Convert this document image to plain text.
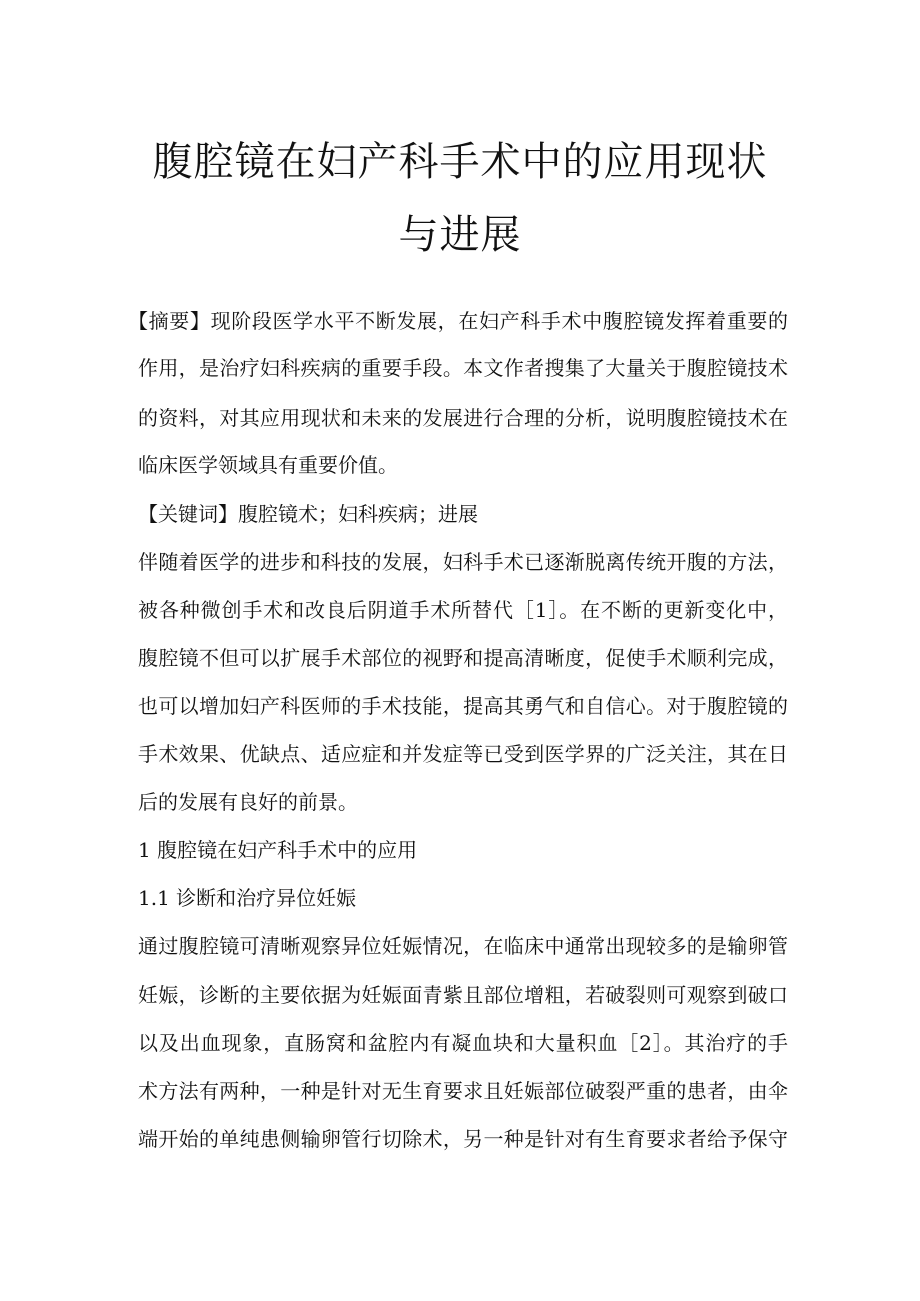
腹腔镜在妇产科手术中的应用现状
与进展
【摘要】现阶段医学水平不断发展，在妇产科手术中腹腔镜发挥着重要的
作用，是治疗妇科疾病的重要手段。本文作者搜集了大量关于腹腔镜技术
的资料，对其应用现状和未来的发展进行合理的分析，说明腹腔镜技术在
临床医学领域具有重要价值。
【关键词】腹腔镜术；妇科疾病；进展
伴随着医学的进步和科技的发展，妇科手术已逐渐脱离传统开腹的方法，
被各种微创手术和改良后阴道手术所替代［1］。在不断的更新变化中，
腹腔镜不但可以扩展手术部位的视野和提高清晰度，促使手术顺利完成，
也可以增加妇产科医师的手术技能，提高其勇气和自信心。对于腹腔镜的
手术效果、优缺点、适应症和并发症等已受到医学界的广泛关注，其在日
后的发展有良好的前景。
1 腹腔镜在妇产科手术中的应用
1.1 诊断和治疗异位妊娠
通过腹腔镜可清晰观察异位妊娠情况，在临床中通常出现较多的是输卵管
妊娠，诊断的主要依据为妊娠面青紫且部位增粗，若破裂则可观察到破口
以及出血现象，直肠窝和盆腔内有凝血块和大量积血［2］。其治疗的手
术方法有两种，一种是针对无生育要求且妊娠部位破裂严重的患者，由伞
端开始的单纯患侧输卵管行切除术，另一种是针对有生育要求者给予保守
